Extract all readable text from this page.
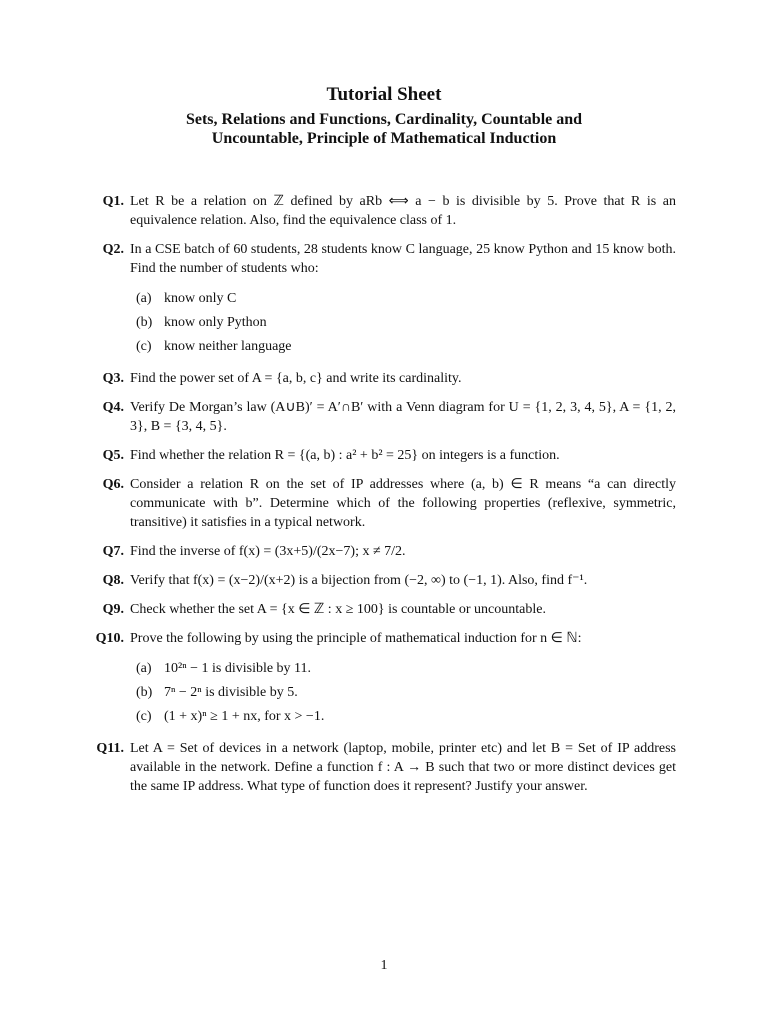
Tutorial Sheet
Sets, Relations and Functions, Cardinality, Countable and
Uncountable, Principle of Mathematical Induction
Q1. Let R be a relation on ℤ defined by aRb ⟺ a − b is divisible by 5. Prove that R is an equivalence relation. Also, find the equivalence class of 1.
Q2. In a CSE batch of 60 students, 28 students know C language, 25 know Python and 15 know both. Find the number of students who:
(a) know only C
(b) know only Python
(c) know neither language
Q3. Find the power set of A = {a, b, c} and write its cardinality.
Q4. Verify De Morgan’s law (A∪B)′ = A′∩B′ with a Venn diagram for U = {1, 2, 3, 4, 5}, A = {1, 2, 3}, B = {3, 4, 5}.
Q5. Find whether the relation R = {(a, b) : a² + b² = 25} on integers is a function.
Q6. Consider a relation R on the set of IP addresses where (a, b) ∈ R means “a can directly communicate with b”. Determine which of the following properties (reflexive, symmetric, transitive) it satisfies in a typical network.
Q7. Find the inverse of f(x) = (3x+5)/(2x−7); x ≠ 7/2.
Q8. Verify that f(x) = (x−2)/(x+2) is a bijection from (−2, ∞) to (−1, 1). Also, find f⁻¹.
Q9. Check whether the set A = {x ∈ ℤ : x ≥ 100} is countable or uncountable.
Q10. Prove the following by using the principle of mathematical induction for n ∈ ℕ:
(a) 10²ⁿ − 1 is divisible by 11.
(b) 7ⁿ − 2ⁿ is divisible by 5.
(c) (1 + x)ⁿ ≥ 1 + nx, for x > −1.
Q11. Let A = Set of devices in a network (laptop, mobile, printer etc) and let B = Set of IP address available in the network. Define a function f : A → B such that two or more distinct devices get the same IP address. What type of function does it represent? Justify your answer.
1
